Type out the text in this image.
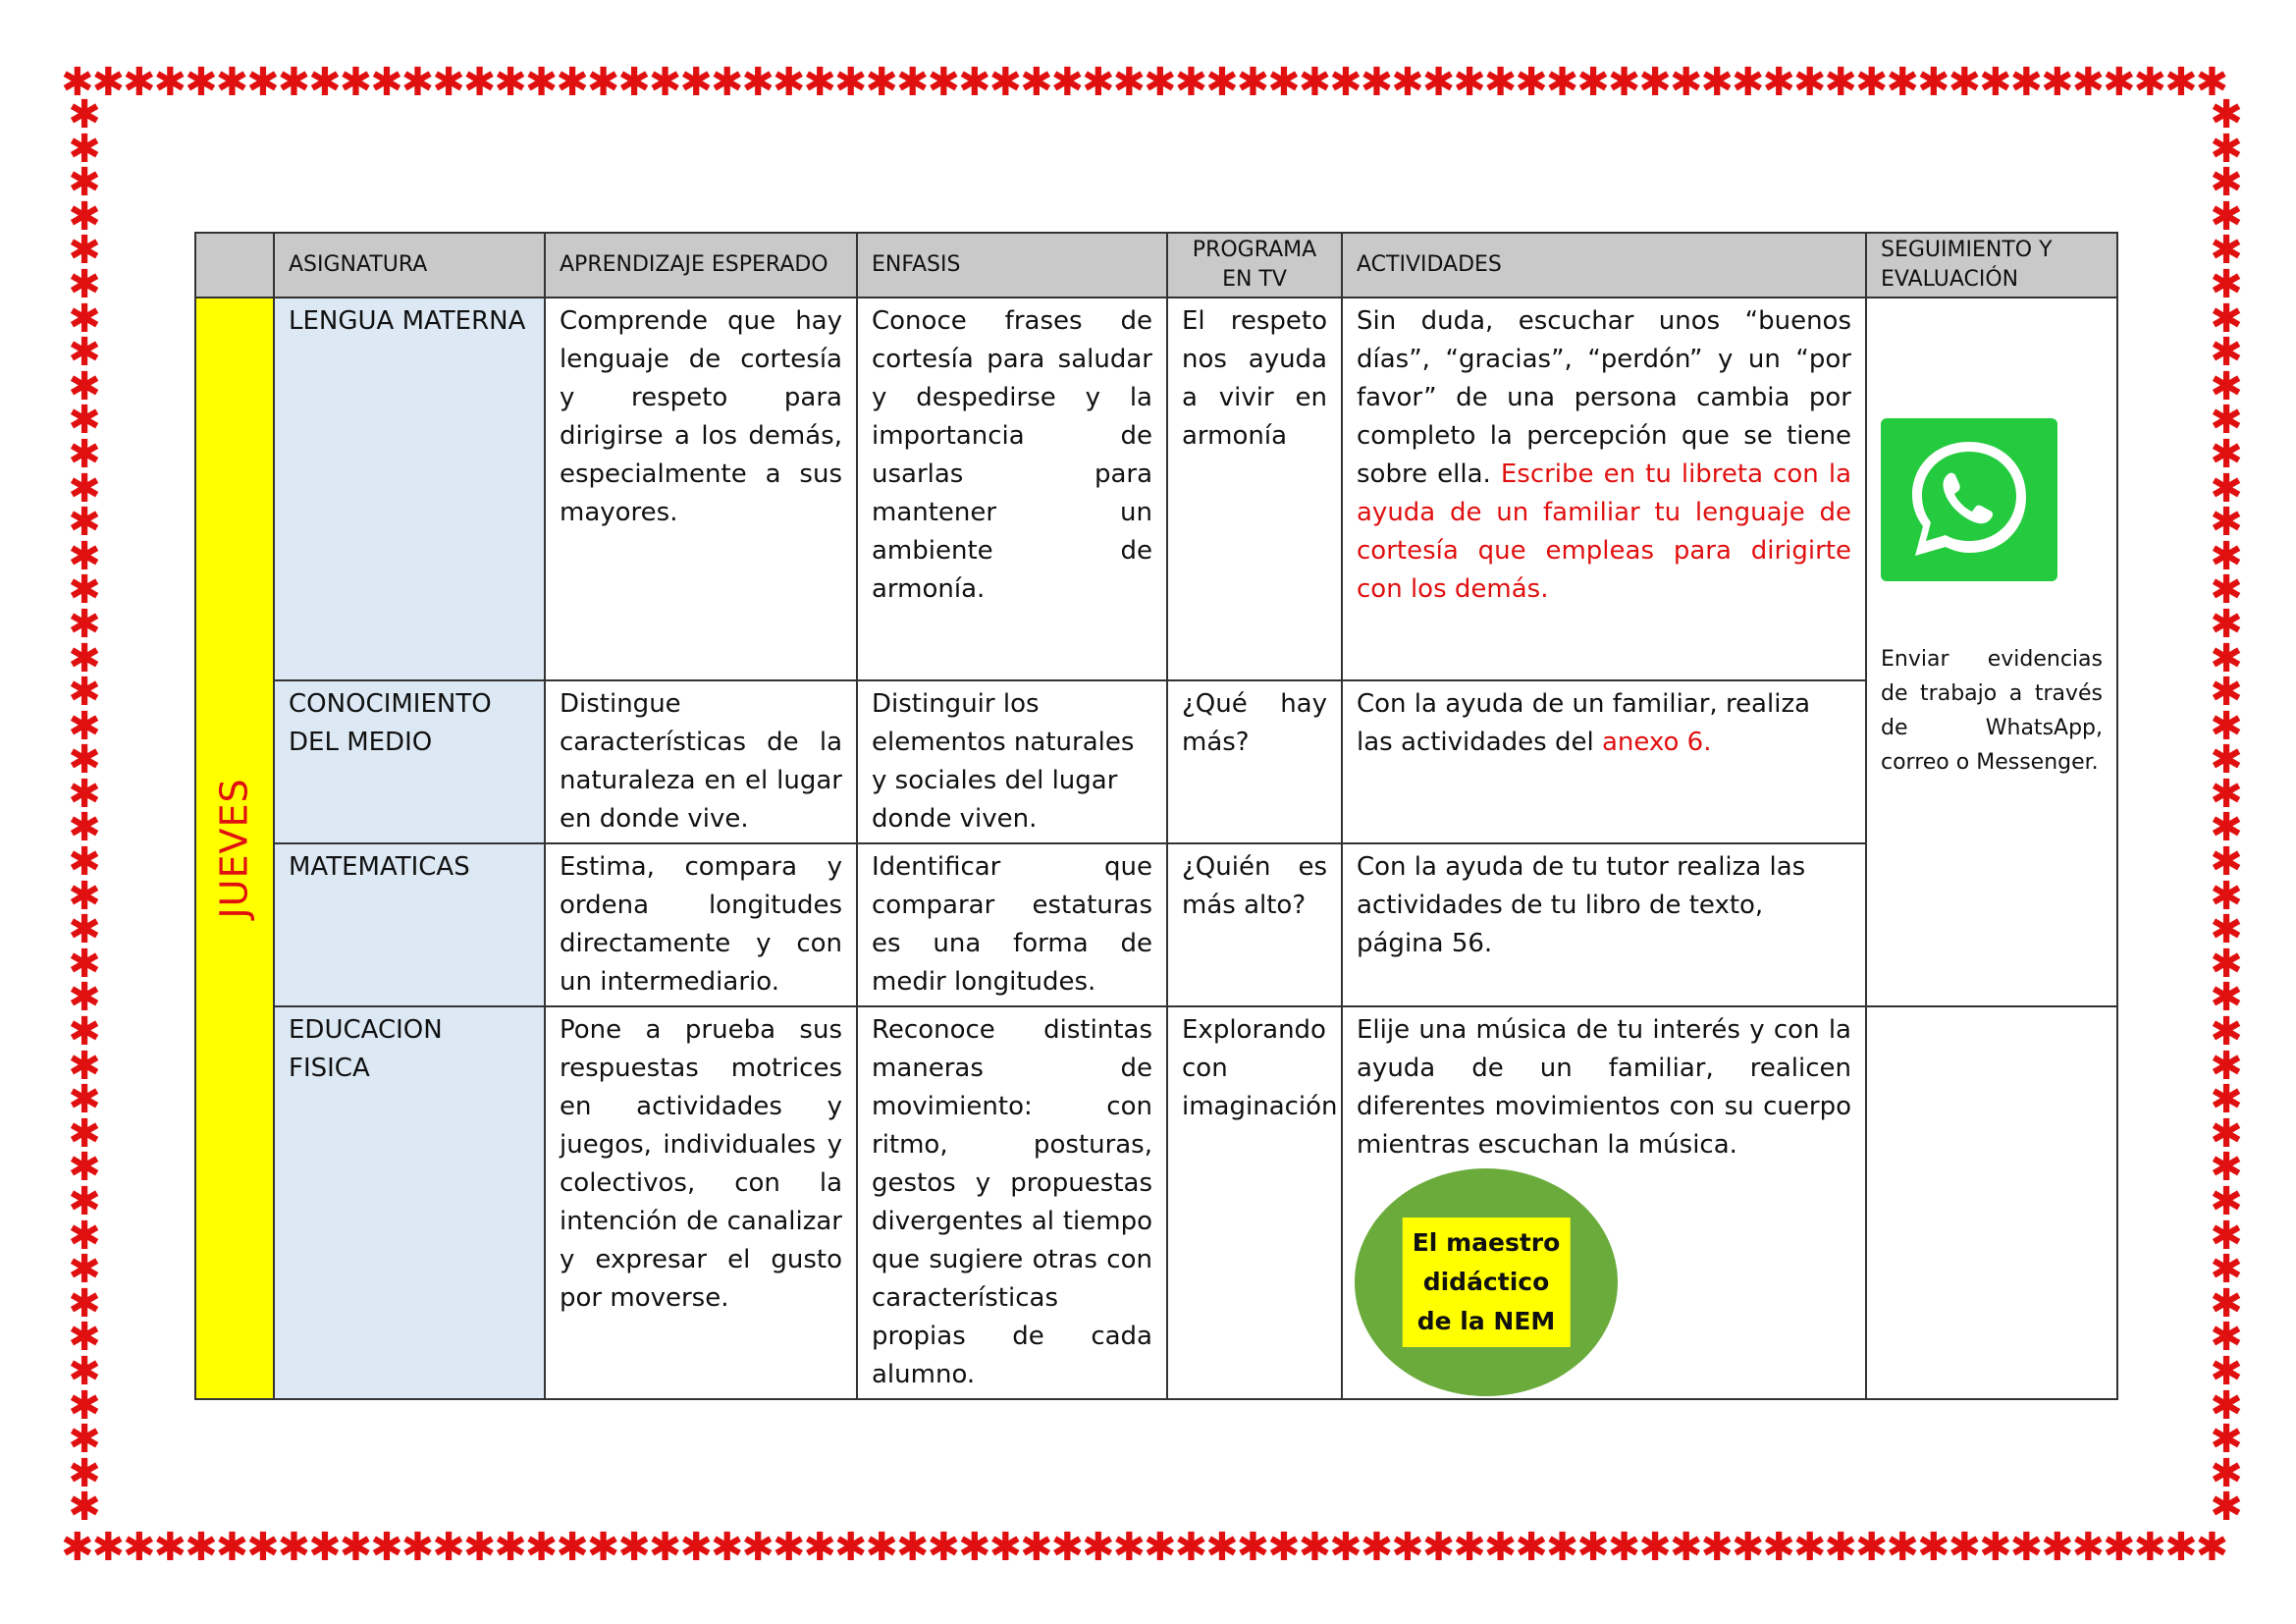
✱✱✱✱✱✱✱✱✱✱✱✱✱✱✱✱✱✱✱✱✱✱✱✱✱✱✱✱✱✱✱✱✱✱✱✱✱✱✱✱✱✱✱✱✱✱✱✱✱✱✱✱✱✱✱✱✱✱✱✱✱✱✱✱✱✱✱✱✱✱
✱✱✱✱✱✱✱✱✱✱✱✱✱✱✱✱✱✱✱✱✱✱✱✱✱✱✱✱✱✱✱✱✱✱✱✱✱✱✱✱✱✱✱✱✱✱✱✱✱✱✱✱✱✱✱✱✱✱✱✱✱✱✱✱✱✱✱✱✱✱
✱
✱
✱
✱
✱
✱
✱
✱
✱
✱
✱
✱
✱
✱
✱
✱
✱
✱
✱
✱
✱
✱
✱
✱
✱
✱
✱
✱
✱
✱
✱
✱
✱
✱
✱
✱
✱
✱
✱
✱
✱
✱
✱
✱
✱
✱
✱
✱
✱
✱
✱
✱
✱
✱
✱
✱
✱
✱
✱
✱
✱
✱
✱
✱
✱
✱
✱
✱
✱
✱
✱
✱
✱
✱
✱
✱
✱
✱
✱
✱
✱
✱
✱
✱
	ASIGNATURA	APRENDIZAJE ESPERADO	ENFASIS	PROGRAMA EN TV	ACTIVIDADES	SEGUIMIENTO Y EVALUACIÓN

JUEVES	LENGUA MATERNA	Comprende que hay lenguaje de cortesía y respeto para dirigirse a los demás, especialmente a sus mayores.	Conoce frases de cortesía para saludar y despedirse y la importancia de usarlas para mantener un ambiente de armonía.	El respeto nos ayuda a vivir en armonía	Sin duda, escuchar unos “buenos días”, “gracias”, “perdón” y un “por favor” de una persona cambia por completo la percepción que se tiene sobre ella. Escribe en tu libreta con la ayuda de un familiar tu lenguaje de cortesía que empleas para dirigirte con los demás.	Enviar evidencias de trabajo a través de WhatsApp, correo o Messenger.

	CONOCIMIENTO DEL MEDIO	Distingue características de la naturaleza en el lugar en donde vive.	Distinguir los elementos naturales y sociales del lugar donde viven.	¿Qué hay más?	Con la ayuda de un familiar, realiza las actividades del anexo 6.	
	MATEMATICAS	Estima, compara y ordena longitudes directamente y con un intermediario.	Identificar que comparar estaturas es una forma de medir longitudes.	¿Quién es más alto?	Con la ayuda de tu tutor realiza las actividades de tu libro de texto, página 56.	
	EDUCACION FISICA	Pone a prueba sus respuestas motrices en actividades y juegos, individuales y colectivos, con la intención de canalizar y expresar el gusto por moverse.	Reconoce distintas maneras de movimiento: con ritmo, posturas, gestos y propuestas divergentes al tiempo que sugiere otras con características propias de cada alumno.	Explorando con imaginación	Elije una música de tu interés y con la ayuda de un familiar, realicen diferentes movimientos con su cuerpo mientras escuchan la música.	
El maestro
didáctico
de la NEM
